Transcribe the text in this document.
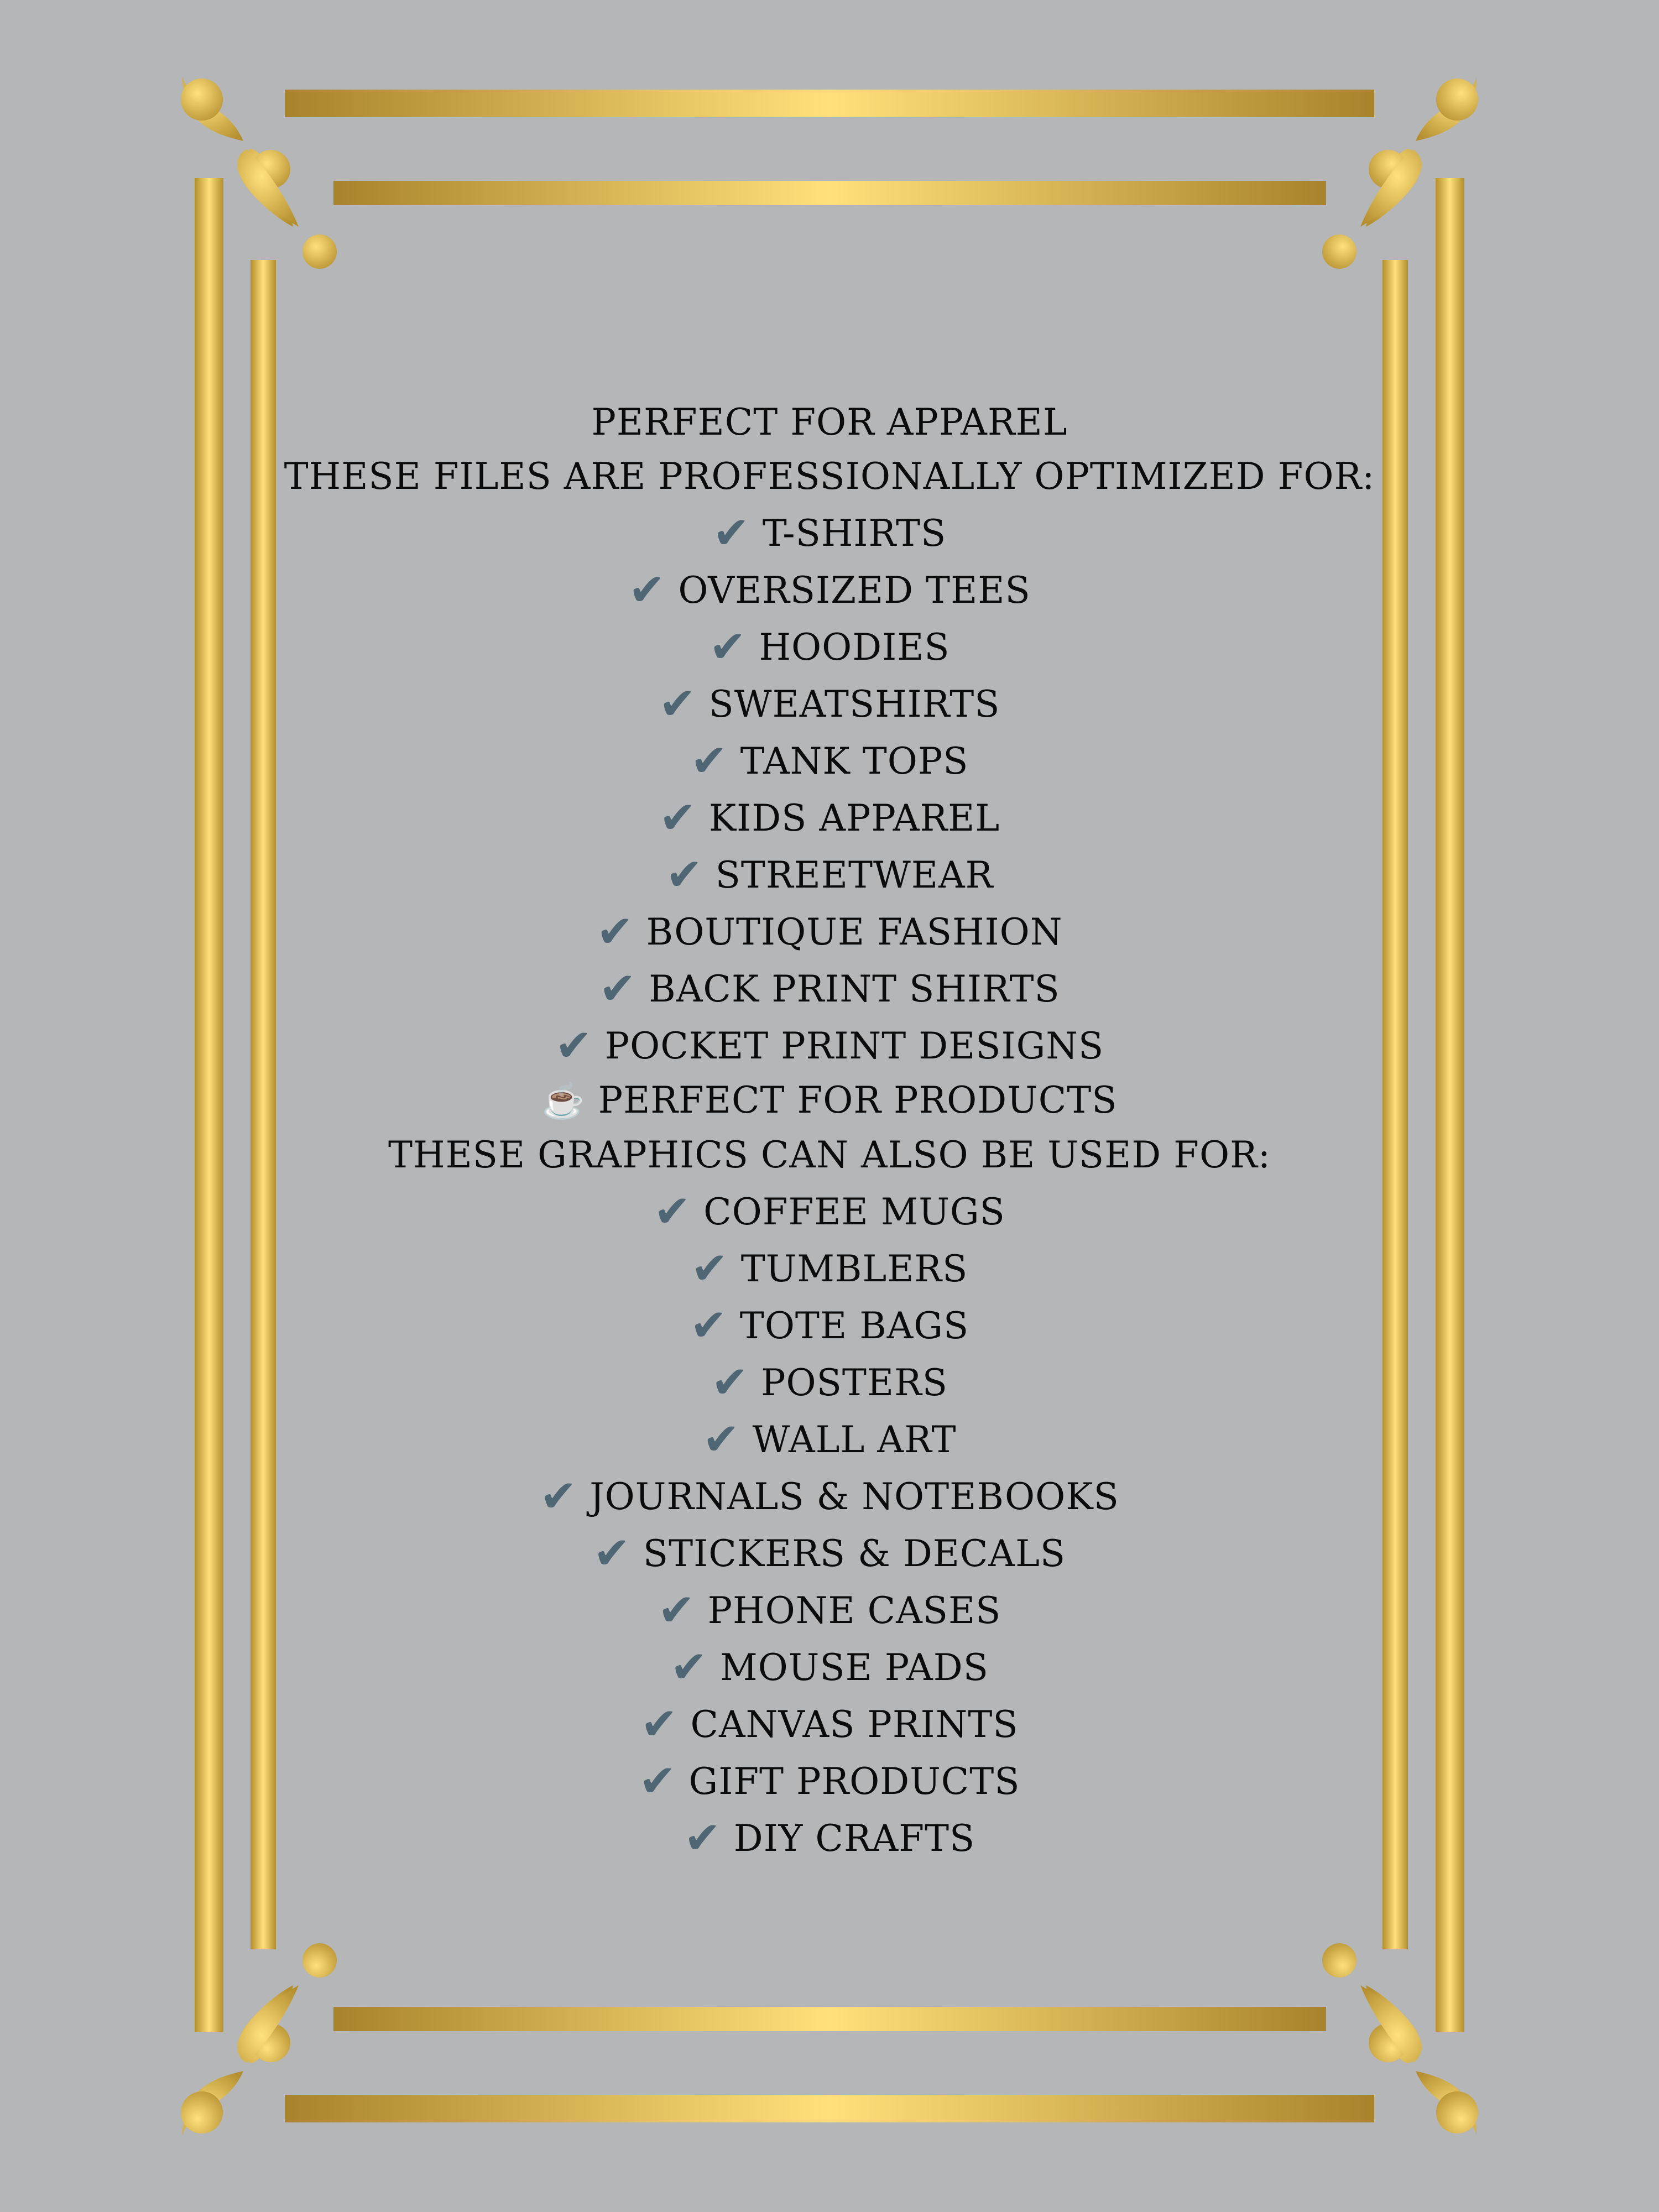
PERFECT FOR APPAREL
THESE FILES ARE PROFESSIONALLY OPTIMIZED FOR:
✔ T-SHIRTS
✔ OVERSIZED TEES
✔ HOODIES
✔ SWEATSHIRTS
✔ TANK TOPS
✔ KIDS APPAREL
✔ STREETWEAR
✔ BOUTIQUE FASHION
✔ BACK PRINT SHIRTS
✔ POCKET PRINT DESIGNS
☕ PERFECT FOR PRODUCTS
THESE GRAPHICS CAN ALSO BE USED FOR:
✔ COFFEE MUGS
✔ TUMBLERS
✔ TOTE BAGS
✔ POSTERS
✔ WALL ART
✔ JOURNALS & NOTEBOOKS
✔ STICKERS & DECALS
✔ PHONE CASES
✔ MOUSE PADS
✔ CANVAS PRINTS
✔ GIFT PRODUCTS
✔ DIY CRAFTS
